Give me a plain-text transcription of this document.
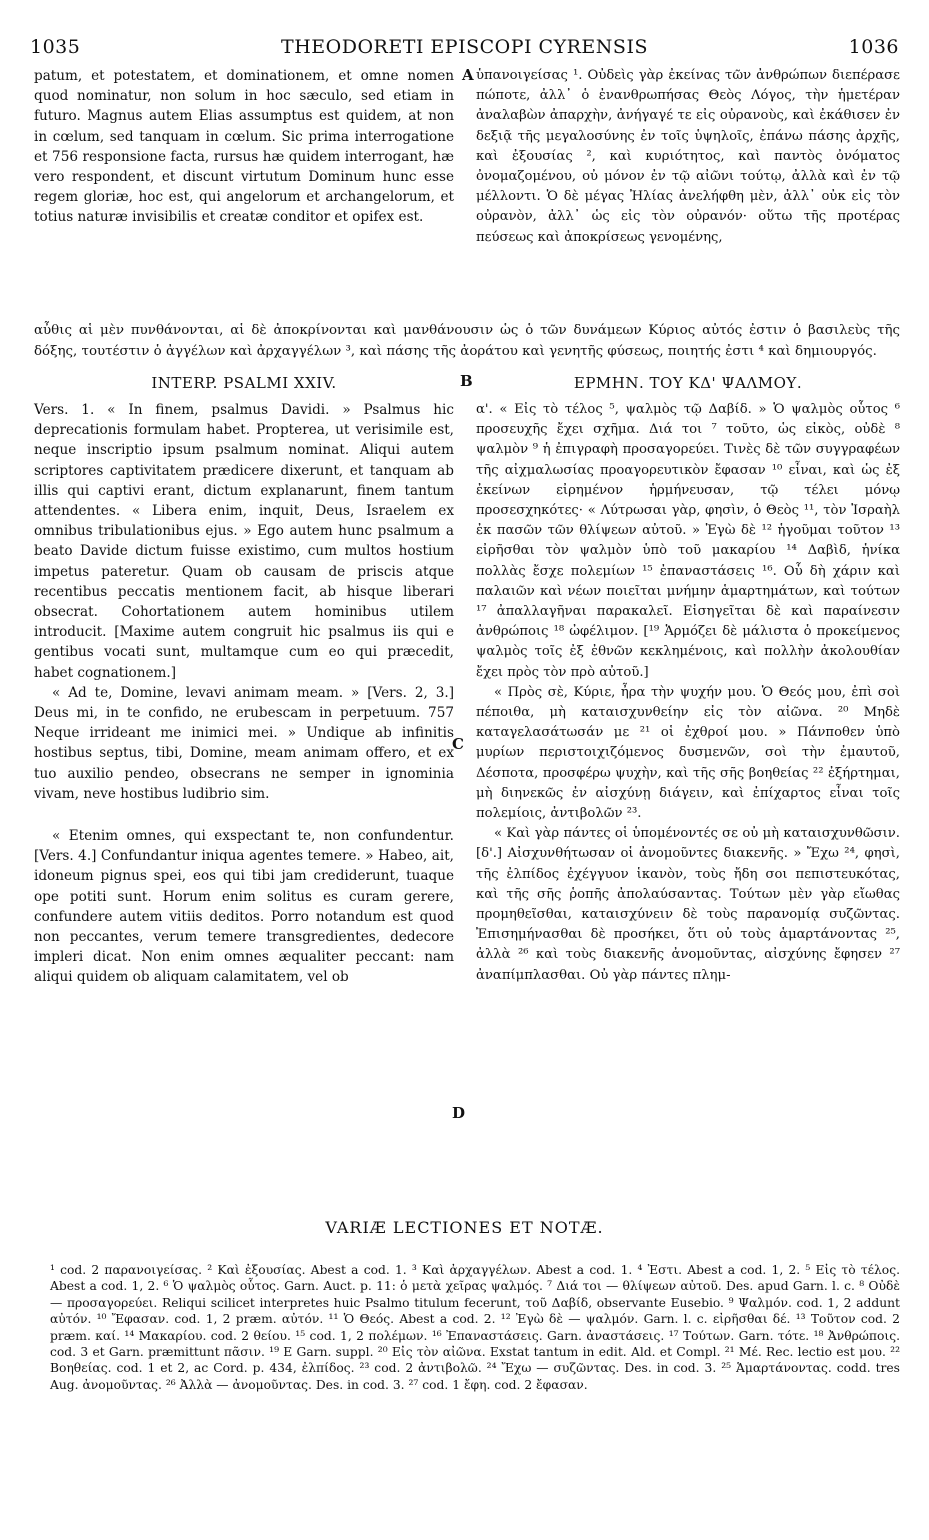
1035	THEODORETI EPISCOPI CYRENSIS	1036

patum, et potestatem, et dominationem, et omne nomen quod nominatur, non solum in hoc sæculo, sed etiam in futuro. Magnus autem Elias assumptus est quidem, at non in cœlum, sed tanquam in cœlum. Sic prima interrogatione et 756 responsione facta, rursus hæ quidem interrogant, hæ vero respondent, et discunt virtutum Dominum hunc esse regem gloriæ, hoc est, qui angelorum et archangelorum, et totius naturæ invisibilis et creatæ conditor et opifex est.

A ὑπανοιγείσας ¹. Οὐδεὶς γὰρ ἐκείνας τῶν ἀνθρώπων διεπέρασε πώποτε, ἀλλ᾽ ὁ ἐνανθρωπήσας Θεὸς Λόγος, τὴν ἡμετέραν ἀναλαβὼν ἀπαρχὴν, ἀνήγαγέ τε εἰς οὐρανοὺς, καὶ ἐκάθισεν ἐν δεξιᾷ τῆς μεγαλοσύνης ἐν τοῖς ὑψηλοῖς, ἐπάνω πάσης ἀρχῆς, καὶ ἐξουσίας ², καὶ κυριότητος, καὶ παντὸς ὀνόματος ὀνομαζομένου, οὐ μόνον ἐν τῷ αἰῶνι τούτῳ, ἀλλὰ καὶ ἐν τῷ μέλλοντι. Ὁ δὲ μέγας Ἠλίας ἀνελήφθη μὲν, ἀλλ᾽ οὐκ εἰς τὸν οὐρανὸν, ἀλλ᾽ ὡς εἰς τὸν οὐρανόν· οὕτω τῆς προτέρας πεύσεως καὶ ἀποκρίσεως γενομένης,

αὖθις αἱ μὲν πυνθάνονται, αἱ δὲ ἀποκρίνονται καὶ μανθάνουσιν ὡς ὁ τῶν δυνάμεων Κύριος αὐτός ἐστιν ὁ βασιλεὺς τῆς δόξης, τουτέστιν ὁ ἀγγέλων καὶ ἀρχαγγέλων ³, καὶ πάσης τῆς ἀοράτου καὶ γενητῆς φύσεως, ποιητής ἐστι ⁴ καὶ δημιουργός.

INTERP. PSALMI XXIV.	B	ΕΡΜΗΝ. ΤΟΥ ΚΔ' ΨΑΛΜΟΥ.

Vers. 1. « In finem, psalmus Davidi. » Psalmus hic deprecationis formulam habet. Propterea, ut verisimile est, neque inscriptio ipsum psalmum nominat. Aliqui autem scriptores captivitatem prædicere dixerunt, et tanquam ab illis qui captivi erant, dictum explanarunt, finem tantum attendentes. « Libera enim, inquit, Deus, Israelem ex omnibus tribulationibus ejus. » Ego autem hunc psalmum a beato Davide dictum fuisse existimo, cum multos hostium impetus pateretur. Quam ob causam de priscis atque recentibus peccatis mentionem facit, ab hisque liberari obsecrat. Cohortationem autem hominibus utilem introducit. [Maxime autem congruit hic psalmus iis qui e gentibus vocati sunt, multamque cum eo qui præcedit, habet cognationem.]

« Ad te, Domine, levavi animam meam. » [Vers. 2, 3.] Deus mi, in te confido, ne erubescam in perpetuum. 757 Neque irrideant me inimici mei. » Undique ab infinitis hostibus septus, tibi, Domine, meam animam offero, et ex tuo auxilio pendeo, obsecrans ne semper in ignominia vivam, neve hostibus ludibrio sim.

« Etenim omnes, qui exspectant te, non confundentur. [Vers. 4.] Confundantur iniqua agentes temere. » Habeo, ait, idoneum pignus spei, eos qui tibi jam crediderunt, tuaque ope potiti sunt. Horum enim solitus es curam gerere, confundere autem vitiis deditos. Porro notandum est quod non peccantes, verum temere transgredientes, dedecore impleri dicat. Non enim omnes æqualiter peccant: nam aliqui quidem ob aliquam calamitatem, vel ob

C
D

α'. « Εἰς τὸ τέλος ⁵, ψαλμὸς τῷ Δαβίδ. » Ὁ ψαλμὸς οὗτος ⁶ προσευχῆς ἔχει σχῆμα. Διά τοι ⁷ τοῦτο, ὡς εἰκὸς, οὐδὲ ⁸ ψαλμὸν ⁹ ἡ ἐπιγραφὴ προσαγορεύει. Τινὲς δὲ τῶν συγγραφέων τῆς αἰχμαλωσίας προαγορευτικὸν ἔφασαν ¹⁰ εἶναι, καὶ ὡς ἐξ ἐκείνων εἰρημένον ἡρμήνευσαν, τῷ τέλει μόνῳ προσεσχηκότες· « Λύτρωσαι γὰρ, φησὶν, ὁ Θεὸς ¹¹, τὸν Ἰσραὴλ ἐκ πασῶν τῶν θλίψεων αὐτοῦ. » Ἐγὼ δὲ ¹² ἡγοῦμαι τοῦτον ¹³ εἰρῆσθαι τὸν ψαλμὸν ὑπὸ τοῦ μακαρίου ¹⁴ Δαβὶδ, ἡνίκα πολλὰς ἔσχε πολεμίων ¹⁵ ἐπαναστάσεις ¹⁶. Οὗ δὴ χάριν καὶ παλαιῶν καὶ νέων ποιεῖται μνήμην ἁμαρτημάτων, καὶ τούτων ¹⁷ ἀπαλλαγῆναι παρακαλεῖ. Εἰσηγεῖται δὲ καὶ παραίνεσιν ἀνθρώποις ¹⁸ ὠφέλιμον. [¹⁹ Ἁρμόζει δὲ μάλιστα ὁ προκείμενος ψαλμὸς τοῖς ἐξ ἐθνῶν κεκλημένοις, καὶ πολλὴν ἀκολουθίαν ἔχει πρὸς τὸν πρὸ αὐτοῦ.]

« Πρὸς σὲ, Κύριε, ἦρα τὴν ψυχήν μου. Ὁ Θεός μου, ἐπὶ σοὶ πέποιθα, μὴ καταισχυνθείην εἰς τὸν αἰῶνα. ²⁰ Μηδὲ καταγελασάτωσάν με ²¹ οἱ ἐχθροί μου. » Πάνποθεν ὑπὸ μυρίων περιστοιχιζόμενος δυσμενῶν, σοὶ τὴν ἐμαυτοῦ, Δέσποτα, προσφέρω ψυχὴν, καὶ τῆς σῆς βοηθείας ²² ἐξήρτημαι, μὴ διηνεκῶς ἐν αἰσχύνῃ διάγειν, καὶ ἐπίχαρτος εἶναι τοῖς πολεμίοις, ἀντιβολῶν ²³.

« Καὶ γὰρ πάντες οἱ ὑπομένοντές σε οὐ μὴ καταισχυνθῶσιν. [δ'.] Αἰσχυνθήτωσαν οἱ ἀνομοῦντες διακενῆς. » Ἔχω ²⁴, φησὶ, τῆς ἐλπίδος ἐχέγγυον ἱκανὸν, τοὺς ἤδη σοι πεπιστευκότας, καὶ τῆς σῆς ῥοπῆς ἀπολαύσαντας. Τούτων μὲν γὰρ εἴωθας προμηθεῖσθαι, καταισχύνειν δὲ τοὺς παρανομίᾳ συζῶντας. Ἐπισημήνασθαι δὲ προσήκει, ὅτι οὐ τοὺς ἁμαρτάνοντας ²⁵, ἀλλὰ ²⁶ καὶ τοὺς διακενῆς ἀνομοῦντας, αἰσχύνης ἔφησεν ²⁷ ἀναπίμπλασθαι. Οὐ γὰρ πάντες πλημ-

VARIÆ LECTIONES ET NOTÆ.

¹ cod. 2 παρανοιγείσας. ² Καὶ ἐξουσίας. Abest a cod. 1. ³ Καὶ ἀρχαγγέλων. Abest a cod. 1. ⁴ Ἐστι. Abest a cod. 1, 2. ⁵ Εἰς τὸ τέλος. Abest a cod. 1, 2. ⁶ Ὁ ψαλμὸς οὗτος. Garn. Auct. p. 11: ὁ μετὰ χεῖρας ψαλμός. ⁷ Διά τοι — θλίψεων αὐτοῦ. Des. apud Garn. l. c. ⁸ Οὐδὲ — προσαγορεύει. Reliqui scilicet interpretes huic Psalmo titulum fecerunt, τοῦ Δαβίδ, observante Eusebio. ⁹ Ψαλμόν. cod. 1, 2 addunt αὐτόν. ¹⁰ Ἔφασαν. cod. 1, 2 præm. αὐτόν. ¹¹ Ὁ Θεός. Abest a cod. 2. ¹² Ἐγὼ δὲ — ψαλμόν. Garn. l. c. εἰρῆσθαι δέ. ¹³ Τοῦτον cod. 2 præm. καί. ¹⁴ Μακαρίου. cod. 2 θείου. ¹⁵ cod. 1, 2 πολέμων. ¹⁶ Ἐπαναστάσεις. Garn. ἀναστάσεις. ¹⁷ Τούτων. Garn. τότε. ¹⁸ Ἀνθρώποις. cod. 3 et Garn. præmittunt πᾶσιν. ¹⁹ E Garn. suppl. ²⁰ Εἰς τὸν αἰῶνα. Exstat tantum in edit. Ald. et Compl. ²¹ Μέ. Rec. lectio est μου. ²² Βοηθείας. cod. 1 et 2, ac Cord. p. 434, ἐλπίδος. ²³ cod. 2 ἀντιβολῶ. ²⁴ Ἔχω — συζῶντας. Des. in cod. 3. ²⁵ Ἁμαρτάνοντας. codd. tres Aug. ἀνομοῦντας. ²⁶ Ἀλλὰ — ἀνομοῦντας. Des. in cod. 3. ²⁷ cod. 1 ἔφη. cod. 2 ἔφασαν.
